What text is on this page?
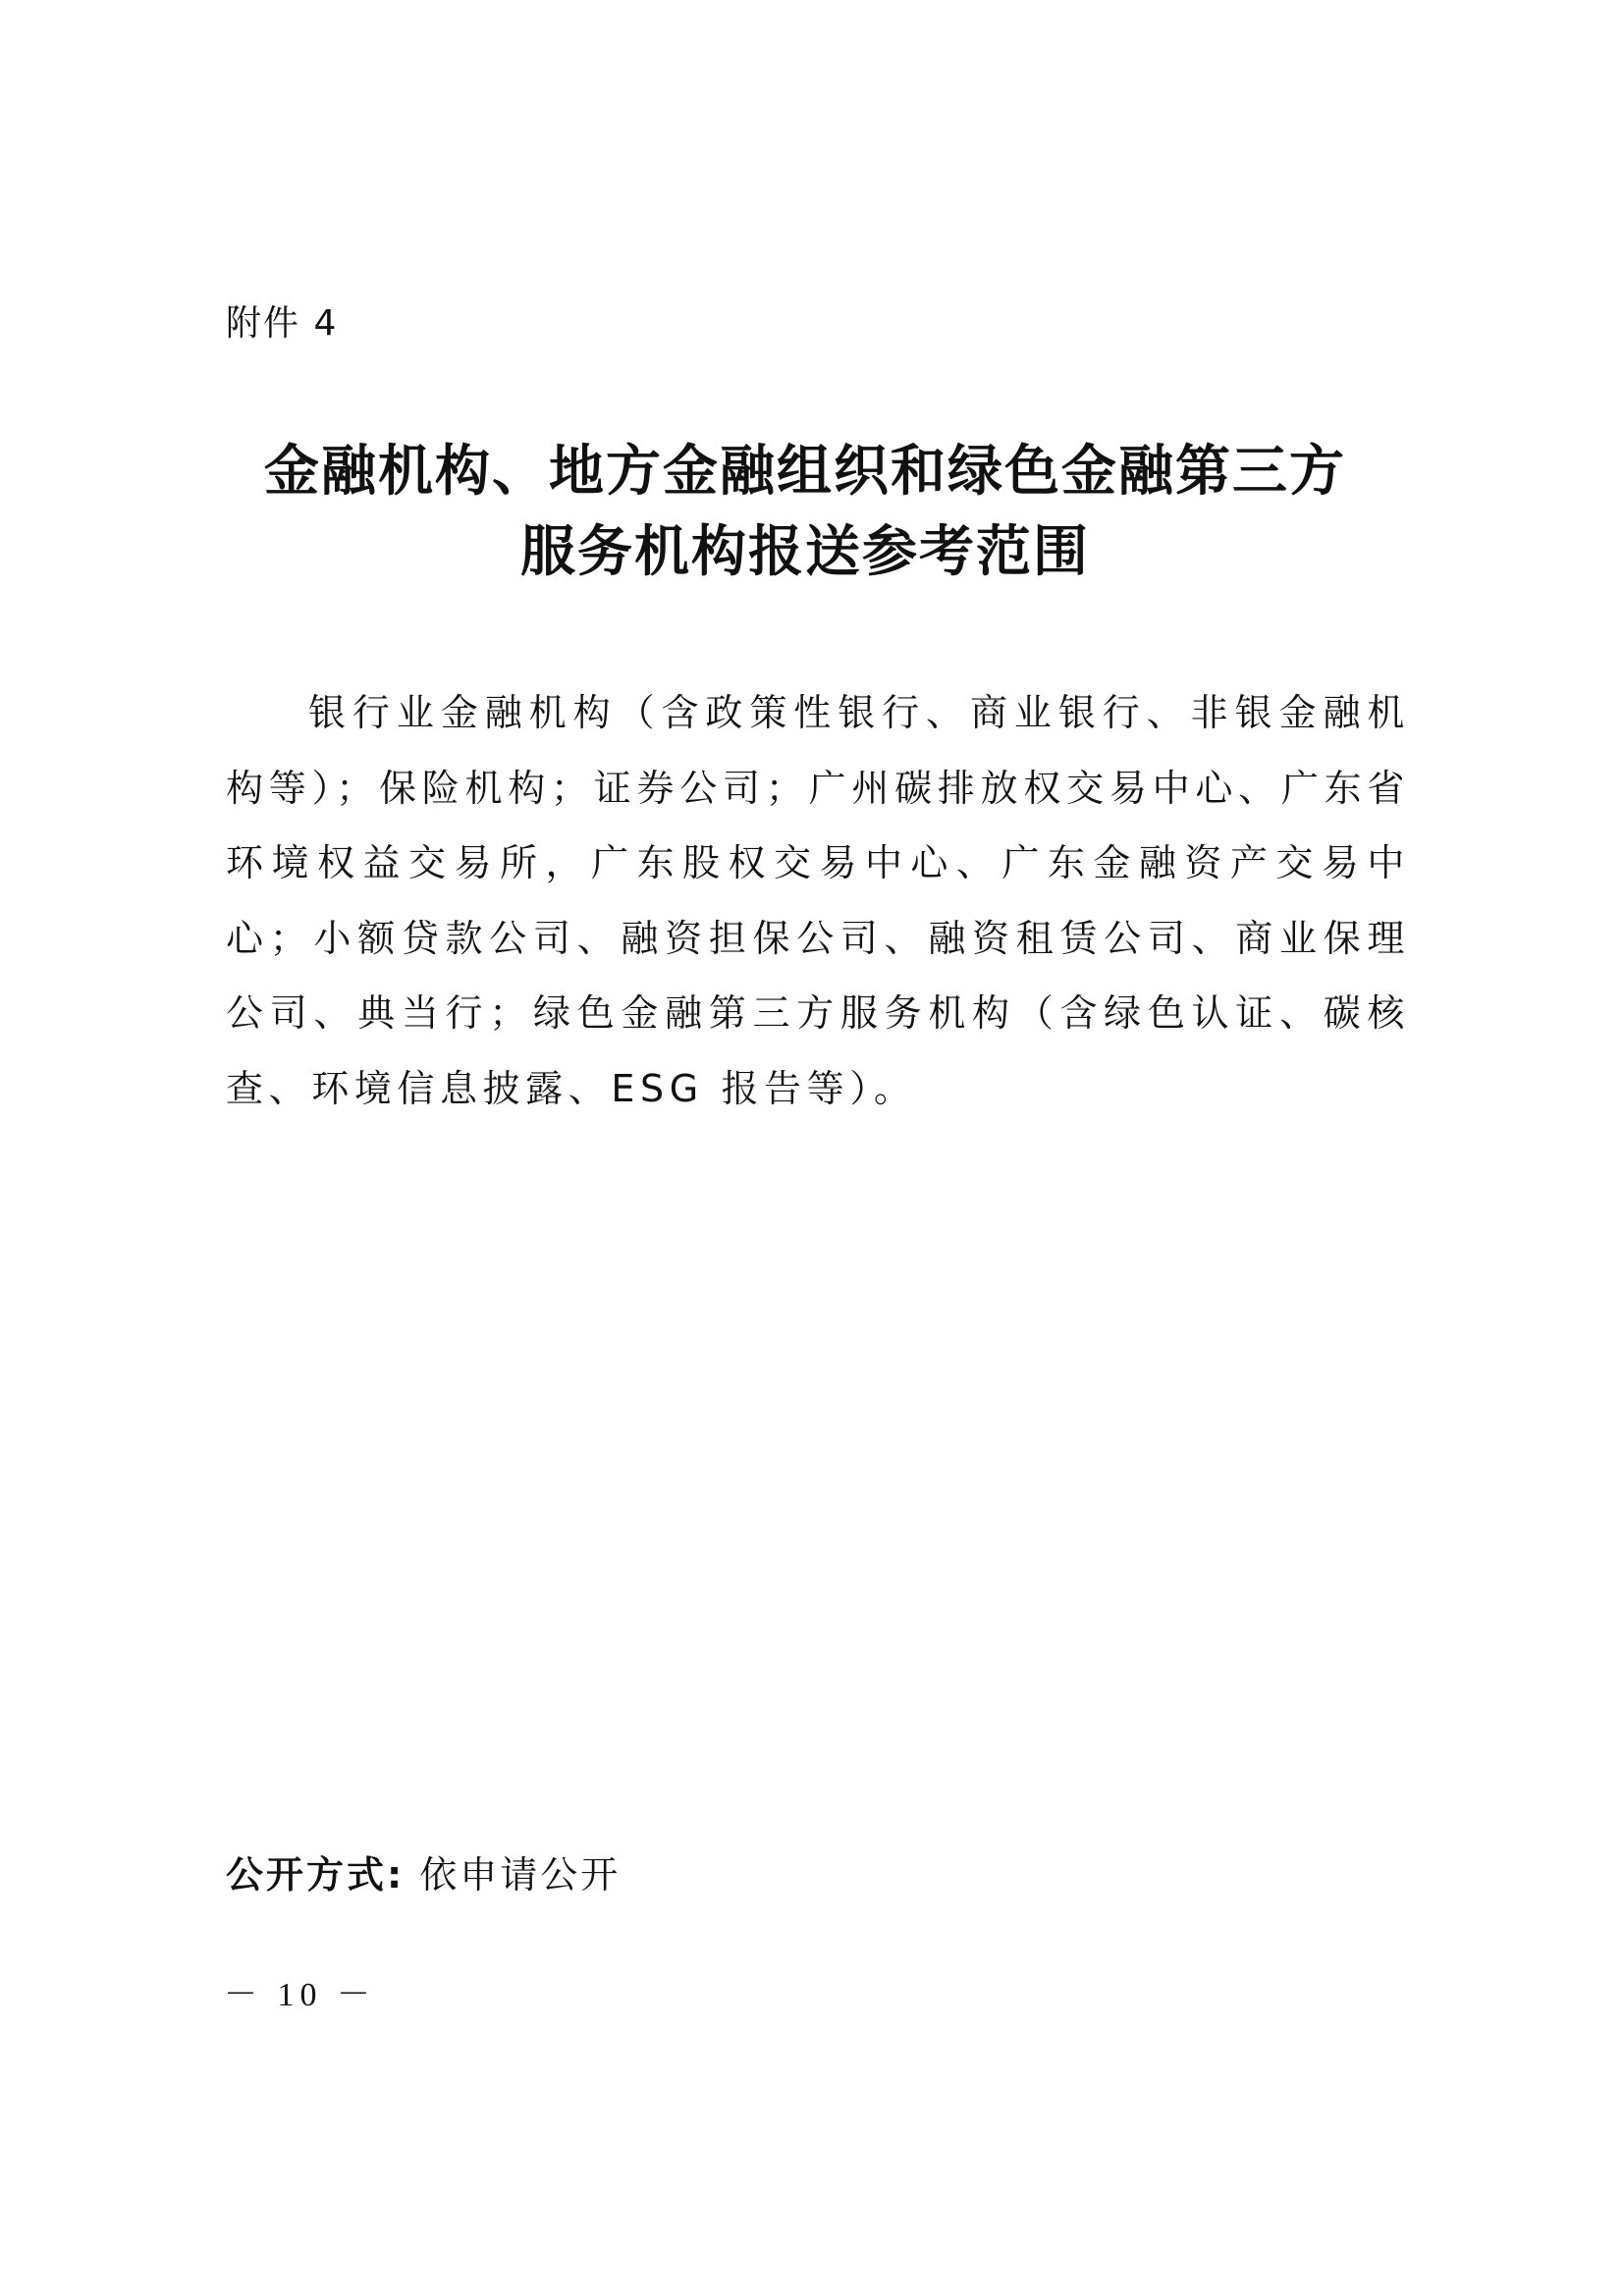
附件 4
金融机构、地方金融组织和绿色金融第三方
服务机构报送参考范围
银行业金融机构（含政策性银行、商业银行、非银金融机构等）；保险机构；证券公司；广州碳排放权交易中心、广东省环境权益交易所，广东股权交易中心、广东金融资产交易中心；小额贷款公司、融资担保公司、融资租赁公司、商业保理公司、典当行；绿色金融第三方服务机构（含绿色认证、碳核查、环境信息披露、ESG 报告等）。
公开方式: 依申请公开
－ 10 －
